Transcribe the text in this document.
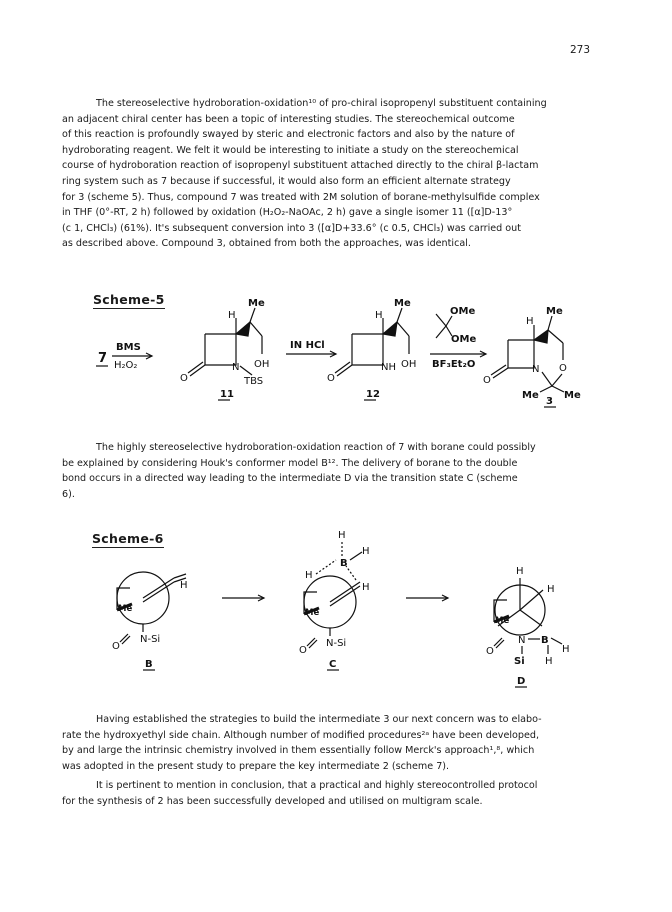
273

The stereoselective hydroboration-oxidation¹⁰ of pro-chiral isopropenyl substituent containing
an adjacent chiral center has been a topic of interesting studies. The stereochemical outcome
of this reaction is profoundly swayed by steric and electronic factors and also by the nature of
hydroborating reagent. We felt it would be interesting to initiate a study on the stereochemical
course of hydroboration reaction of isopropenyl substituent attached directly to the chiral β-lactam
ring system such as 7 because if successful, it would also form an efficient alternate strategy
for 3 (scheme 5). Thus, compound 7 was treated with 2M solution of borane-methylsulfide complex
in THF (0°-RT, 2 h) followed by oxidation (H₂O₂-NaOAc, 2 h) gave a single isomer 11 ([α]D-13°
(c 1, CHCl₃) (61%). It's subsequent conversion into 3 ([α]D+33.6° (c 0.5, CHCl₃) was carried out
as described above. Compound 3, obtained from both the approaches, was identical.

Scheme-5
7
BMS
H₂O₂
O
N
TBS
H
Me
OH
11
IN HCl
O
NH
H
Me
OH
12
OMe
OMe
BF₃Et₂O
O
N
H
Me
O
Me	Me
3

The highly stereoselective hydroboration-oxidation reaction of 7 with borane could possibly
be explained by considering Houk's conformer model B¹². The delivery of borane to the double
bond occurs in a directed way leading to the intermediate D via the transition state C (scheme
6).

Scheme-6
H
Me
O
N-Si
B
H
H
B
H
H
Me
O
N-Si
C
H
H
Me
O
N B
H
H
Si
D

Having established the strategies to build the intermediate 3 our next concern was to elabo-
rate the hydroxyethyl side chain. Although number of modified procedures²ᵃ have been developed,
by and large the intrinsic chemistry involved in them essentially follow Merck's approach¹,⁸, which
was adopted in the present study to prepare the key intermediate 2 (scheme 7).

It is pertinent to mention in conclusion, that a practical and highly stereocontrolled protocol
for the synthesis of 2 has been successfully developed and utilised on multigram scale.
